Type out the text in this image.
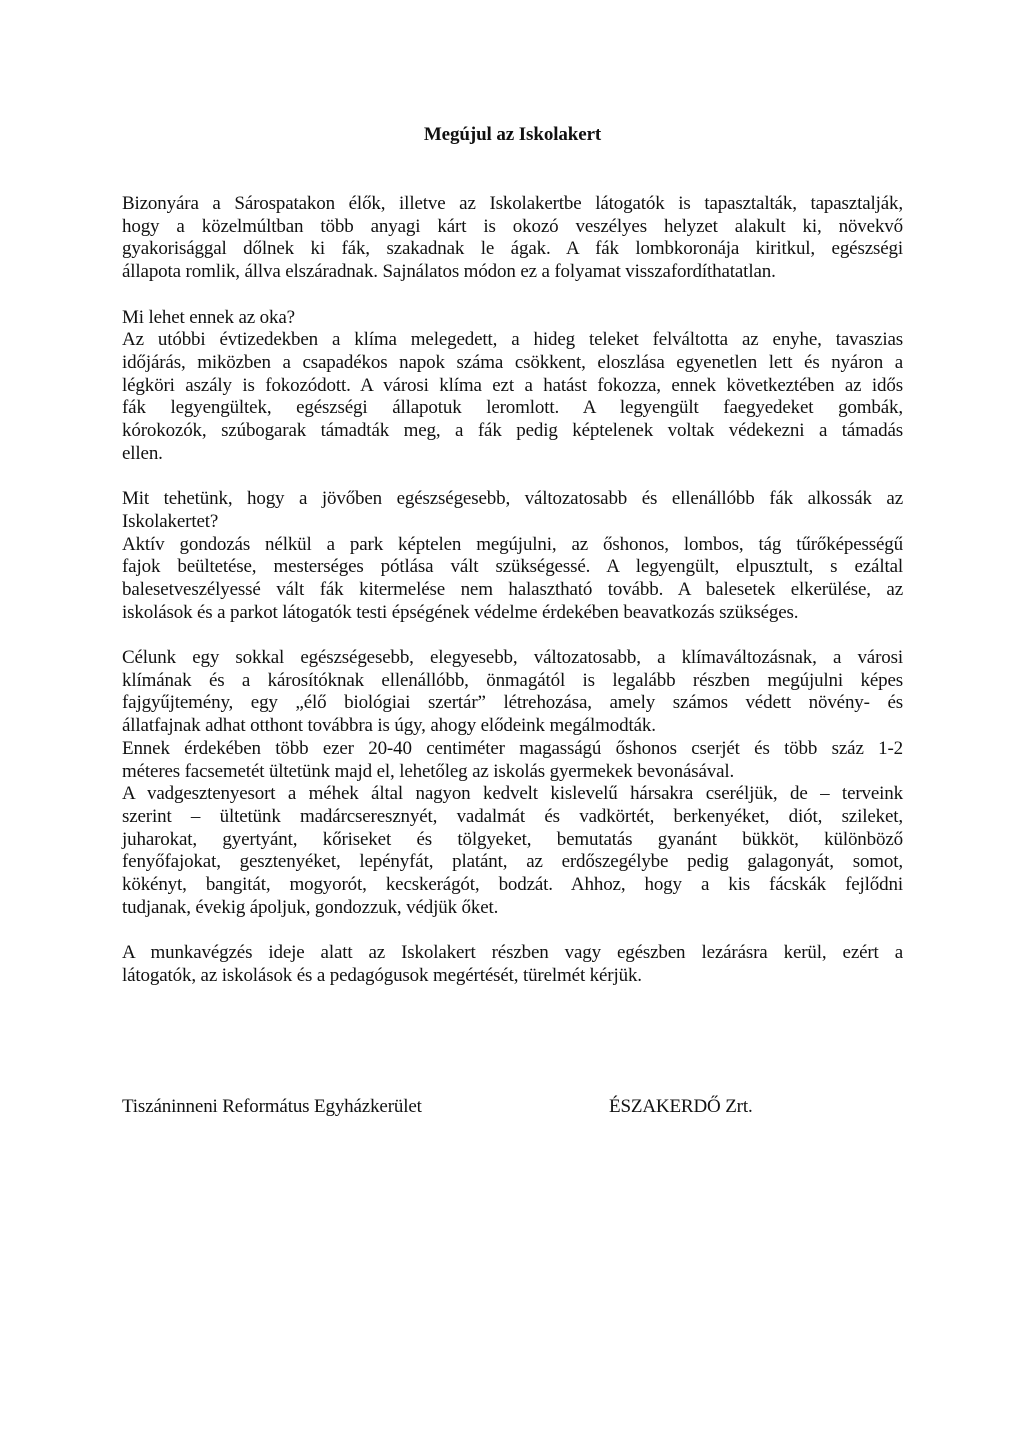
Megújul az Iskolakert

Bizonyára a Sárospatakon élők, illetve az Iskolakertbe látogatók is tapasztalták, tapasztalják,
hogy a közelmúltban több anyagi kárt is okozó veszélyes helyzet alakult ki, növekvő
gyakorisággal dőlnek ki fák, szakadnak le ágak. A fák lombkoronája kiritkul, egészségi
állapota romlik, állva elszáradnak. Sajnálatos módon ez a folyamat visszafordíthatatlan.

Mi lehet ennek az oka?
Az utóbbi évtizedekben a klíma melegedett, a hideg teleket felváltotta az enyhe, tavaszias
időjárás, miközben a csapadékos napok száma csökkent, eloszlása egyenetlen lett és nyáron a
légköri aszály is fokozódott. A városi klíma ezt a hatást fokozza, ennek következtében az idős
fák legyengültek, egészségi állapotuk leromlott. A legyengült faegyedeket gombák,
kórokozók, szúbogarak támadták meg, a fák pedig képtelenek voltak védekezni a támadás
ellen.

Mit tehetünk, hogy a jövőben egészségesebb, változatosabb és ellenállóbb fák alkossák az
Iskolakertet?
Aktív gondozás nélkül a park képtelen megújulni, az őshonos, lombos, tág tűrőképességű
fajok beültetése, mesterséges pótlása vált szükségessé. A legyengült, elpusztult, s ezáltal
balesetveszélyessé vált fák kitermelése nem halasztható tovább. A balesetek elkerülése, az
iskolások és a parkot látogatók testi épségének védelme érdekében beavatkozás szükséges.

Célunk egy sokkal egészségesebb, elegyesebb, változatosabb, a klímaváltozásnak, a városi
klímának és a károsítóknak ellenállóbb, önmagától is legalább részben megújulni képes
fajgyűjtemény, egy „élő biológiai szertár” létrehozása, amely számos védett növény- és
állatfajnak adhat otthont továbbra is úgy, ahogy elődeink megálmodták.
Ennek érdekében több ezer 20-40 centiméter magasságú őshonos cserjét és több száz 1-2
méteres facsemetét ültetünk majd el, lehetőleg az iskolás gyermekek bevonásával.
A vadgesztenyesort a méhek által nagyon kedvelt kislevelű hársakra cseréljük, de – terveink
szerint – ültetünk madárcseresznyét, vadalmát és vadkörtét, berkenyéket, diót, szileket,
juharokat, gyertyánt, kőriseket és tölgyeket, bemutatás gyanánt bükköt, különböző
fenyőfajokat, gesztenyéket, lepényfát, platánt, az erdőszegélybe pedig galagonyát, somot,
kökényt, bangitát, mogyorót, kecskerágót, bodzát. Ahhoz, hogy a kis fácskák fejlődni
tudjanak, évekig ápoljuk, gondozzuk, védjük őket.

A munkavégzés ideje alatt az Iskolakert részben vagy egészben lezárásra kerül, ezért a
látogatók, az iskolások és a pedagógusok megértését, türelmét kérjük.

Tiszáninneni Református Egyházkerület	ÉSZAKERDŐ Zrt.
